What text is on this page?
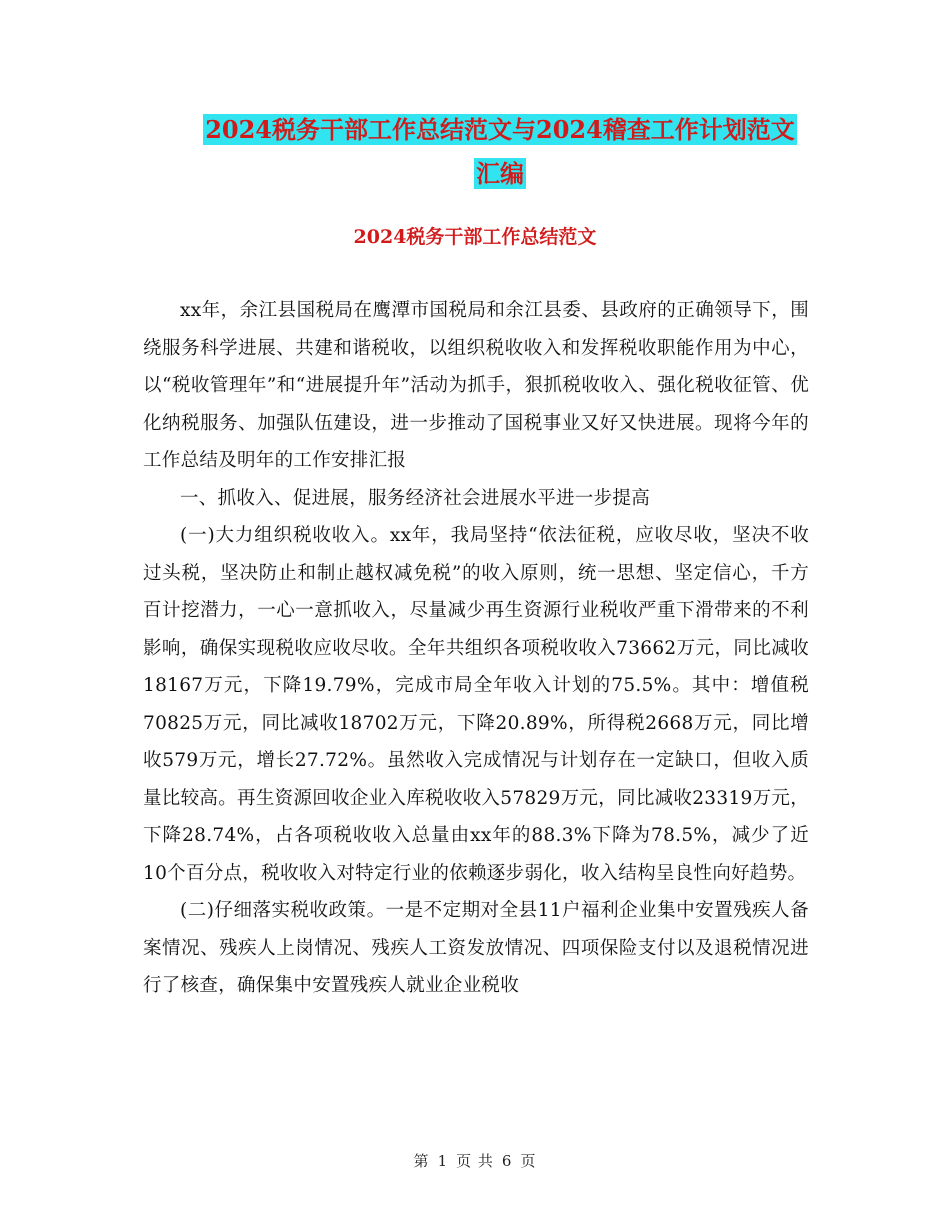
2024税务干部工作总结范文与2024稽查工作计划范文
汇编
2024税务干部工作总结范文

xx年，余江县国税局在鹰潭市国税局和余江县委、县政府的正确领导下，围绕服务科学进展、共建和谐税收，以组织税收收入和发挥税收职能作用为中心，以“税收管理年”和“进展提升年”活动为抓手，狠抓税收收入、强化税收征管、优化纳税服务、加强队伍建设，进一步推动了国税事业又好又快进展。现将今年的工作总结及明年的工作安排汇报

一、抓收入、促进展，服务经济社会进展水平进一步提高

(一)大力组织税收收入。xx年，我局坚持“依法征税，应收尽收，坚决不收过头税，坚决防止和制止越权减免税”的收入原则，统一思想、坚定信心，千方百计挖潜力，一心一意抓收入，尽量减少再生资源行业税收严重下滑带来的不利影响，确保实现税收应收尽收。全年共组织各项税收收入73662万元，同比减收18167万元，下降19.79%，完成市局全年收入计划的75.5%。其中：增值税70825万元，同比减收18702万元，下降20.89%，所得税2668万元，同比增收579万元，增长27.72%。虽然收入完成情况与计划存在一定缺口，但收入质量比较高。再生资源回收企业入库税收收入57829万元，同比减收23319万元，下降28.74%，占各项税收收入总量由xx年的88.3%下降为78.5%，减少了近10个百分点，税收收入对特定行业的依赖逐步弱化，收入结构呈良性向好趋势。

(二)仔细落实税收政策。一是不定期对全县11户福利企业集中安置残疾人备案情况、残疾人上岗情况、残疾人工资发放情况、四项保险支付以及退税情况进行了核查，确保集中安置残疾人就业企业税收

第 1 页 共 6 页
